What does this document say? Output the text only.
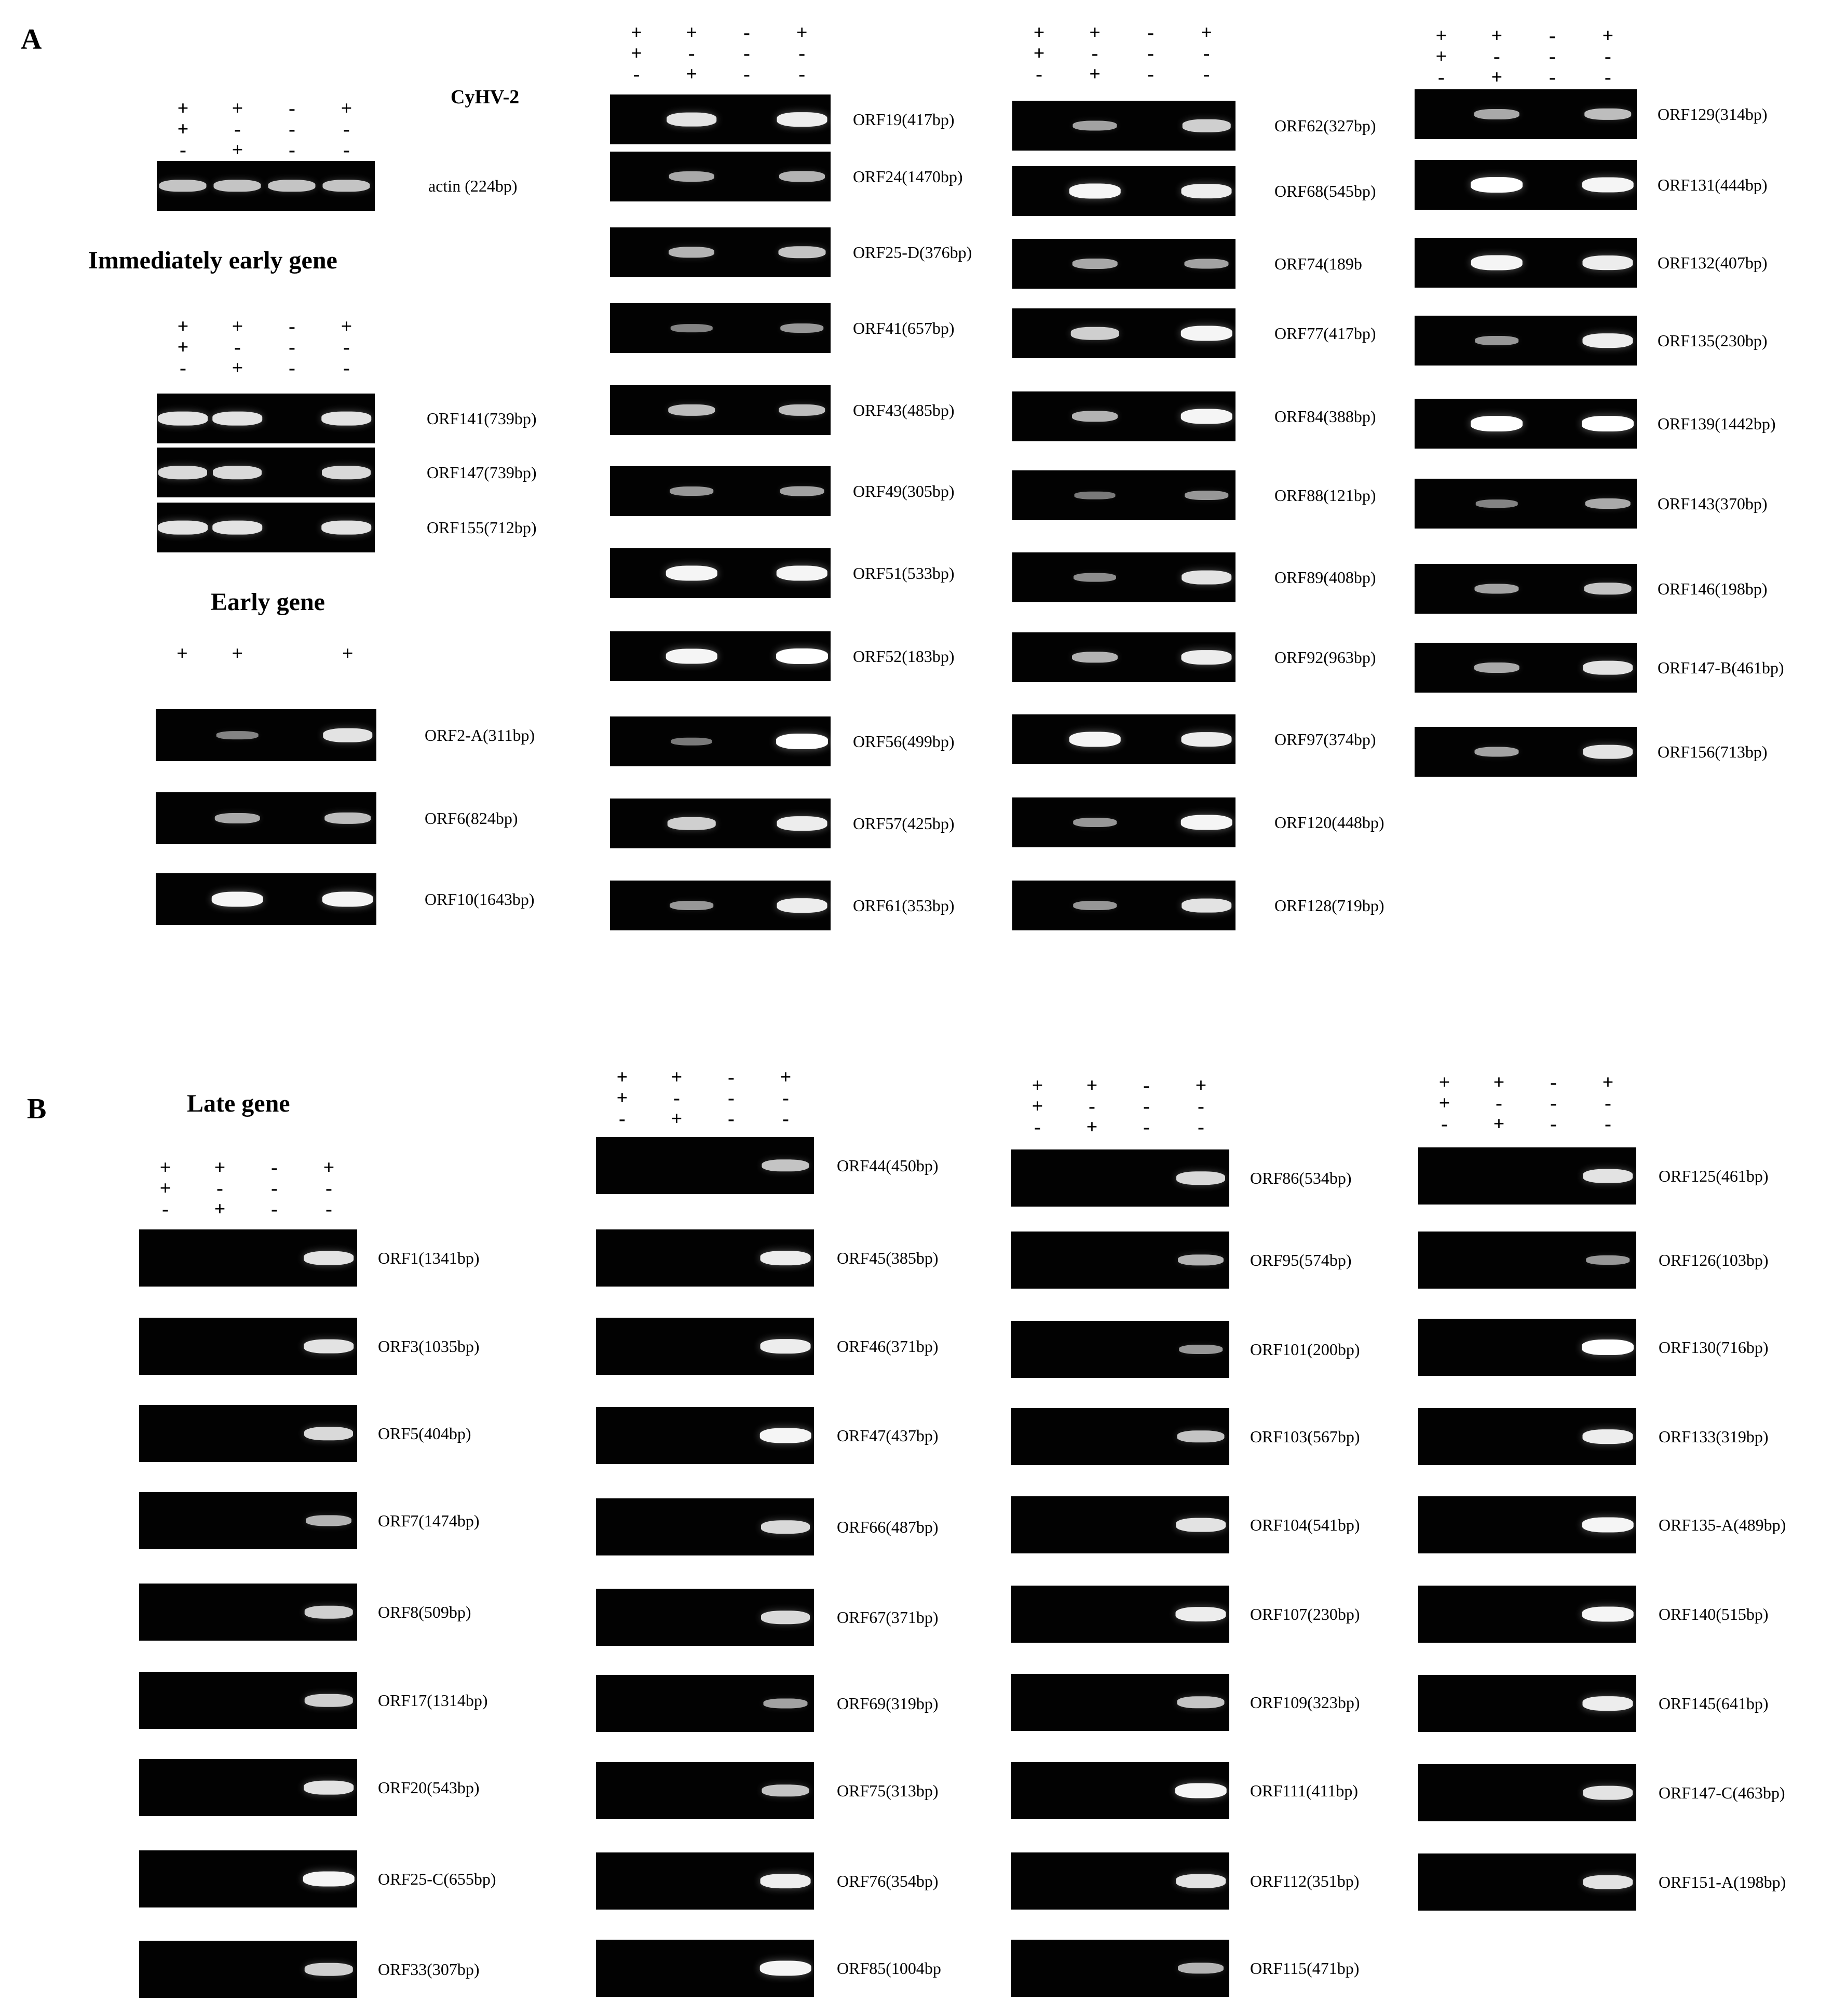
A
B
CyHV-2
Immediately early gene
Early gene
Late gene
+ + - +
+ - - -
- + - -
actin (224bp)
+ + - +
+ - - -
- + - -
ORF141(739bp)
ORF147(739bp)
ORF155(712bp)
+ +	+
ORF2-A(311bp)
ORF6(824bp)
ORF10(1643bp)
+ + - +
+ - - -
- + - -
ORF19(417bp)
ORF24(1470bp)
ORF25-D(376bp)
ORF41(657bp)
ORF43(485bp)
ORF49(305bp)
ORF51(533bp)
ORF52(183bp)
ORF56(499bp)
ORF57(425bp)
ORF61(353bp)
+ + - +
+ - - -
- + - -
ORF62(327bp)
ORF68(545bp)
ORF74(189b
ORF77(417bp)
ORF84(388bp)
ORF88(121bp)
ORF89(408bp)
ORF92(963bp)
ORF97(374bp)
ORF120(448bp)
ORF128(719bp)
+ + - +
+ - - -
- + - -
ORF129(314bp)
ORF131(444bp)
ORF132(407bp)
ORF135(230bp)
ORF139(1442bp)
ORF143(370bp)
ORF146(198bp)
ORF147-B(461bp)
ORF156(713bp)
+ + - +
+ - - -
- + - -
ORF1(1341bp)
ORF3(1035bp)
ORF5(404bp)
ORF7(1474bp)
ORF8(509bp)
ORF17(1314bp)
ORF20(543bp)
ORF25-C(655bp)
ORF33(307bp)
+ + - +
+ - - -
- + - -
ORF44(450bp)
ORF45(385bp)
ORF46(371bp)
ORF47(437bp)
ORF66(487bp)
ORF67(371bp)
ORF69(319bp)
ORF75(313bp)
ORF76(354bp)
ORF85(1004bp
+ + - +
+ - - -
- + - -
ORF86(534bp)
ORF95(574bp)
ORF101(200bp)
ORF103(567bp)
ORF104(541bp)
ORF107(230bp)
ORF109(323bp)
ORF111(411bp)
ORF112(351bp)
ORF115(471bp)
+ + - +
+ - - -
- + - -
ORF125(461bp)
ORF126(103bp)
ORF130(716bp)
ORF133(319bp)
ORF135-A(489bp)
ORF140(515bp)
ORF145(641bp)
ORF147-C(463bp)
ORF151-A(198bp)
